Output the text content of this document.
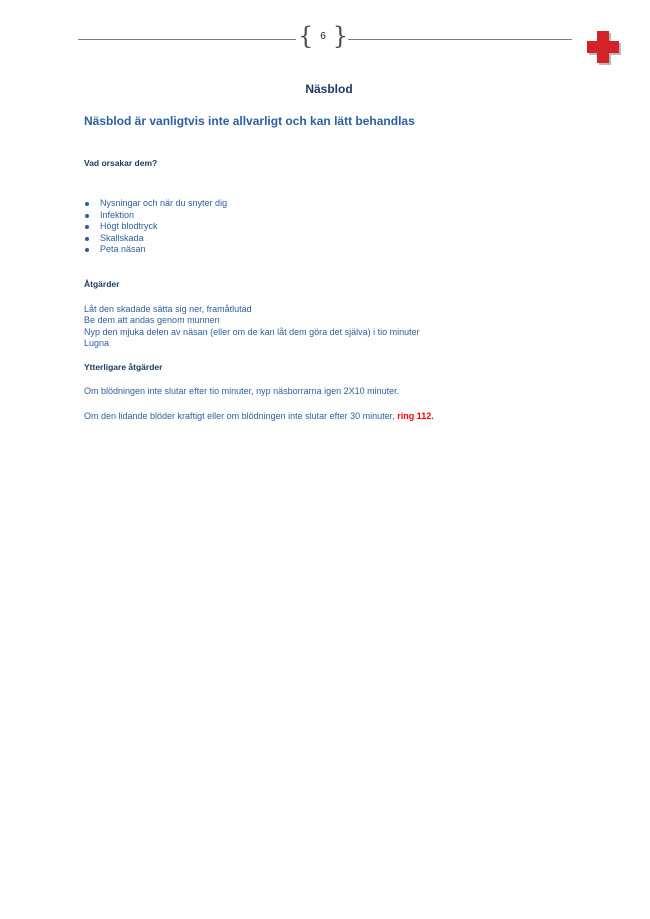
{ 6 }
Näsblod
Näsblod är vanligtvis inte allvarligt och kan lätt behandlas
Vad orsakar dem?
Nysningar och när du snyter dig
Infektion
Högt blodtryck
Skallskada
Peta näsan
Åtgärder
Låt den skadade sätta sig ner, framåtlutad
Be dem att andas genom munnen
Nyp den mjuka delen av näsan (eller om de kan låt dem göra det själva) i tio minuter
Lugna
Ytterligare åtgärder

Om blödningen inte slutar efter tio minuter, nyp näsborrarna igen 2X10 minuter.

Om den lidande blöder kraftigt eller om blödningen inte slutar efter 30 minuter, ring 112.
